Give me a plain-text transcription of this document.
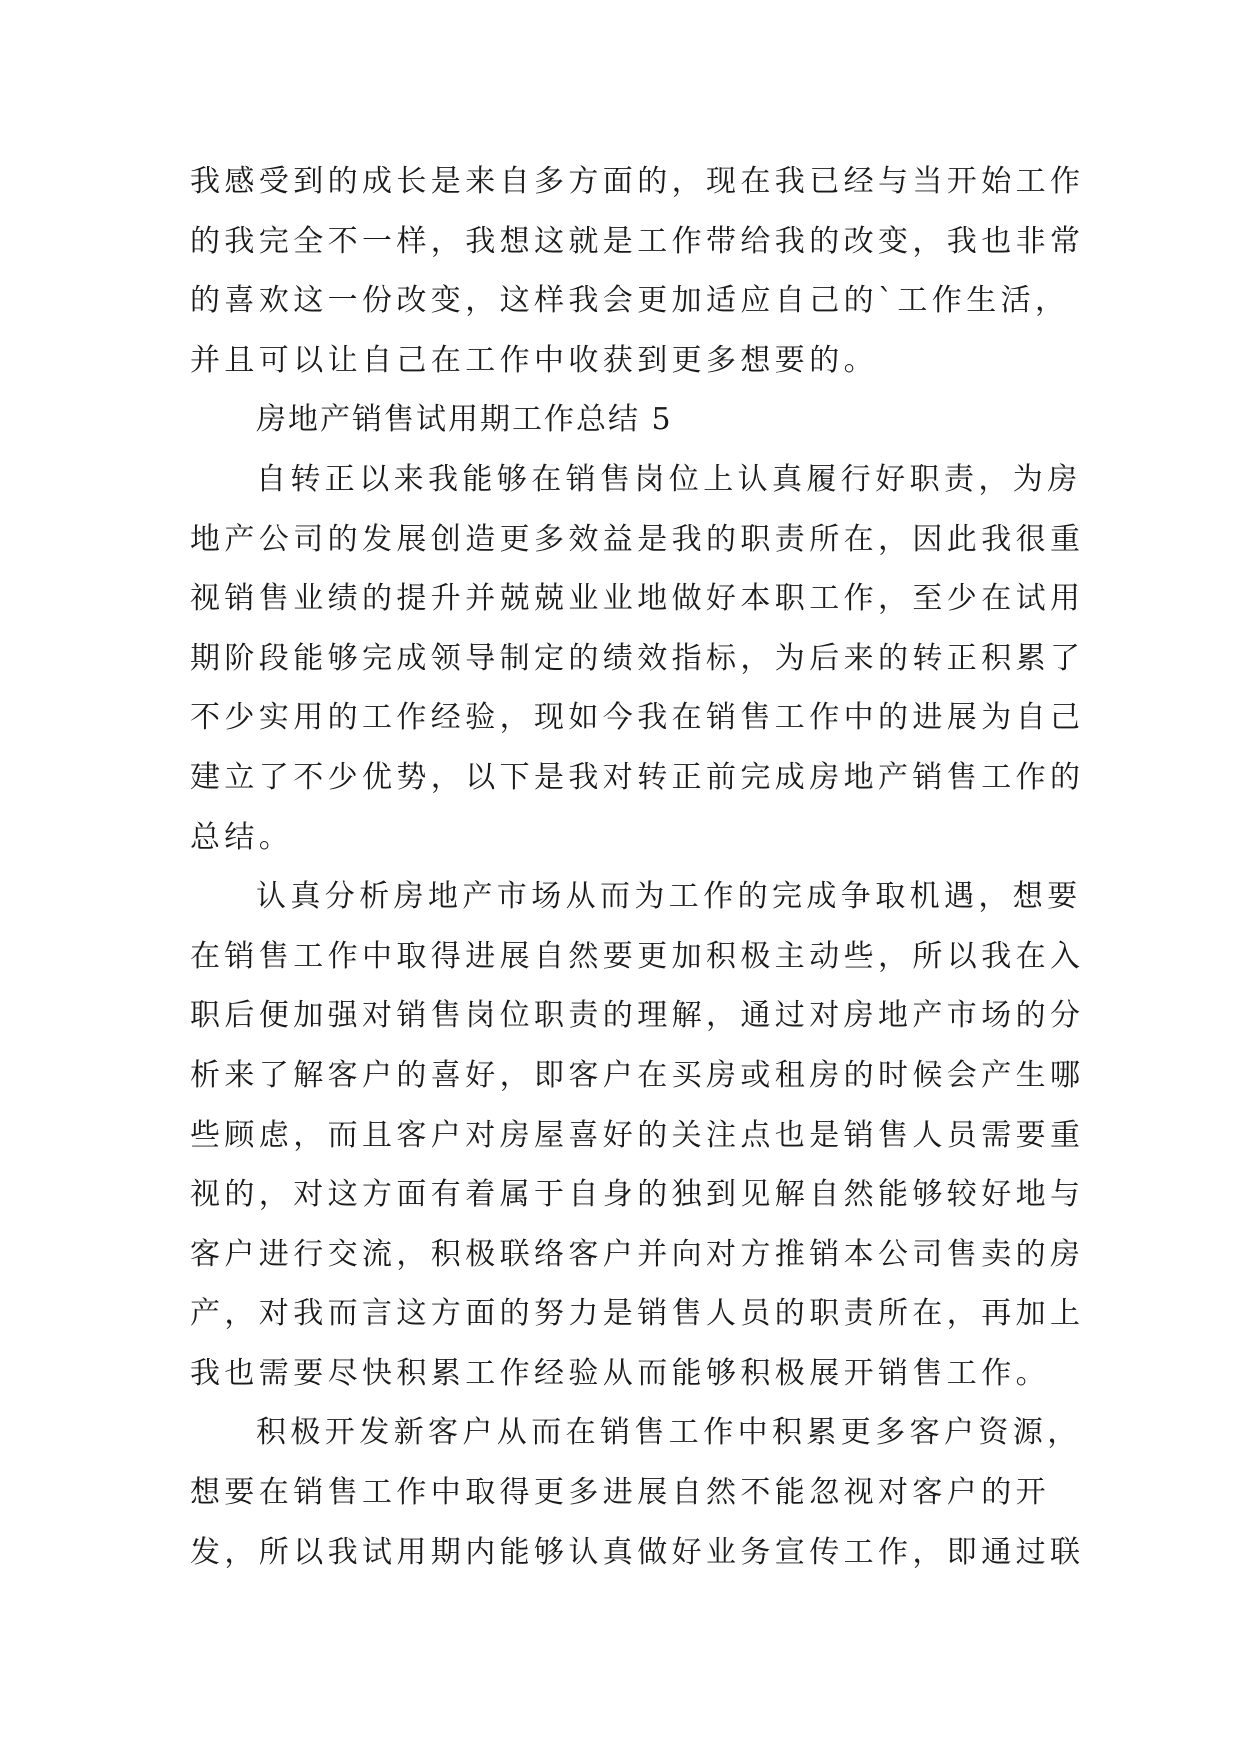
我感受到的成长是来自多方面的，现在我已经与当开始工作
的我完全不一样，我想这就是工作带给我的改变，我也非常
的喜欢这一份改变，这样我会更加适应自己的`工作生活，
并且可以让自己在工作中收获到更多想要的。
房地产销售试用期工作总结 5
自转正以来我能够在销售岗位上认真履行好职责，为房
地产公司的发展创造更多效益是我的职责所在，因此我很重
视销售业绩的提升并兢兢业业地做好本职工作，至少在试用
期阶段能够完成领导制定的绩效指标，为后来的转正积累了
不少实用的工作经验，现如今我在销售工作中的进展为自己
建立了不少优势，以下是我对转正前完成房地产销售工作的
总结。
认真分析房地产市场从而为工作的完成争取机遇，想要
在销售工作中取得进展自然要更加积极主动些，所以我在入
职后便加强对销售岗位职责的理解，通过对房地产市场的分
析来了解客户的喜好，即客户在买房或租房的时候会产生哪
些顾虑，而且客户对房屋喜好的关注点也是销售人员需要重
视的，对这方面有着属于自身的独到见解自然能够较好地与
客户进行交流，积极联络客户并向对方推销本公司售卖的房
产，对我而言这方面的努力是销售人员的职责所在，再加上
我也需要尽快积累工作经验从而能够积极展开销售工作。
积极开发新客户从而在销售工作中积累更多客户资源，
想要在销售工作中取得更多进展自然不能忽视对客户的开
发，所以我试用期内能够认真做好业务宣传工作，即通过联
